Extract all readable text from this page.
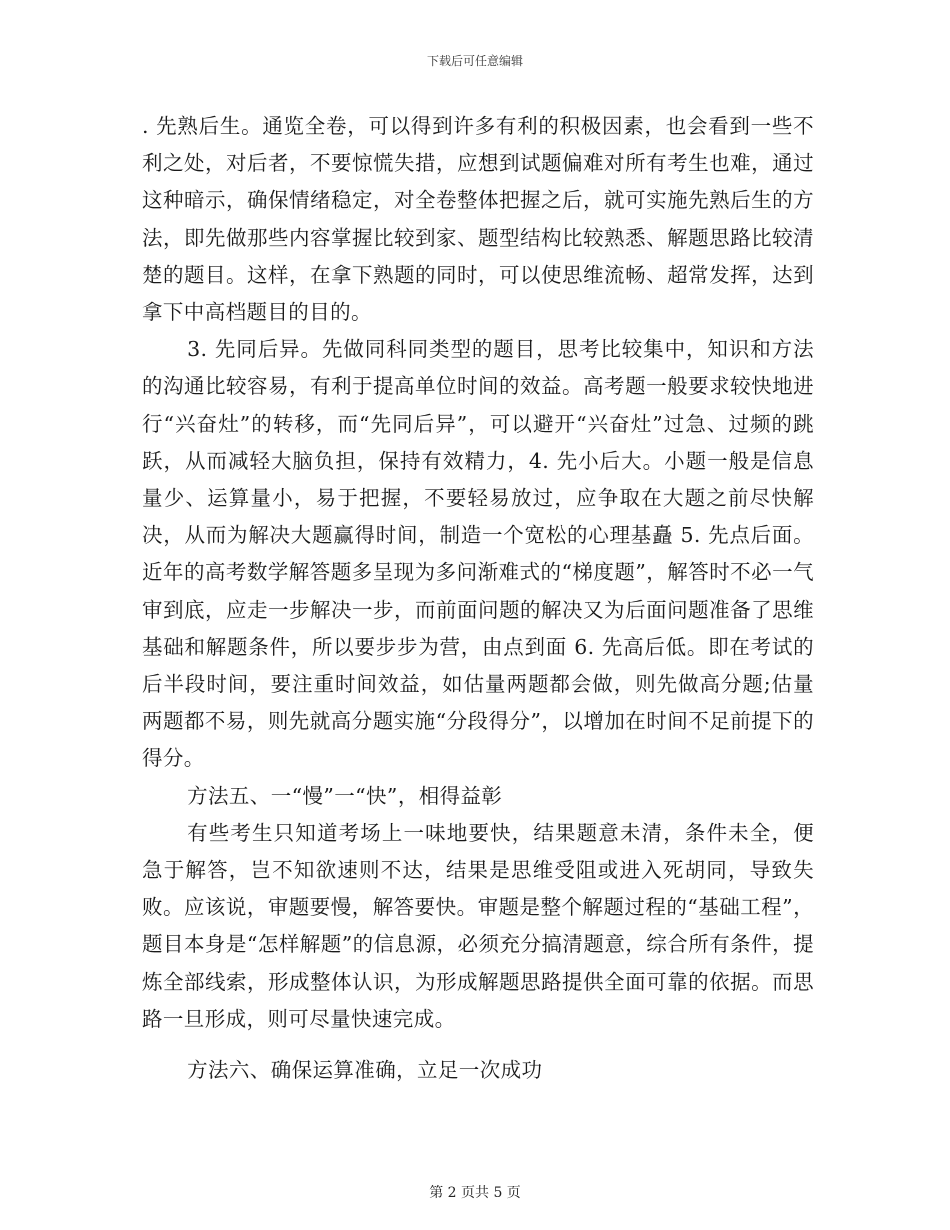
下载后可任意编辑

. 先熟后生。通览全卷，可以得到许多有利的积极因素，也会看到一些不利之处，对后者，不要惊慌失措，应想到试题偏难对所有考生也难，通过这种暗示，确保情绪稳定，对全卷整体把握之后，就可实施先熟后生的方法，即先做那些内容掌握比较到家、题型结构比较熟悉、解题思路比较清楚的题目。这样，在拿下熟题的同时，可以使思维流畅、超常发挥，达到拿下中高档题目的目的。

3. 先同后异。先做同科同类型的题目，思考比较集中，知识和方法的沟通比较容易，有利于提高单位时间的效益。高考题一般要求较快地进行“兴奋灶”的转移，而“先同后异”，可以避开“兴奋灶”过急、过频的跳跃，从而减轻大脑负担，保持有效精力，4. 先小后大。小题一般是信息量少、运算量小，易于把握，不要轻易放过，应争取在大题之前尽快解决，从而为解决大题赢得时间，制造一个宽松的心理基矗 5. 先点后面。近年的高考数学解答题多呈现为多问渐难式的“梯度题”，解答时不必一气审到底，应走一步解决一步，而前面问题的解决又为后面问题准备了思维基础和解题条件，所以要步步为营，由点到面 6. 先高后低。即在考试的后半段时间，要注重时间效益，如估量两题都会做，则先做高分题;估量两题都不易，则先就高分题实施“分段得分”，以增加在时间不足前提下的得分。

方法五、一“慢”一“快”，相得益彰

有些考生只知道考场上一味地要快，结果题意未清，条件未全，便急于解答，岂不知欲速则不达，结果是思维受阻或进入死胡同，导致失败。应该说，审题要慢，解答要快。审题是整个解题过程的“基础工程”，题目本身是“怎样解题”的信息源，必须充分搞清题意，综合所有条件，提炼全部线索，形成整体认识，为形成解题思路提供全面可靠的依据。而思路一旦形成，则可尽量快速完成。

方法六、确保运算准确，立足一次成功

第 2 页共 5 页
